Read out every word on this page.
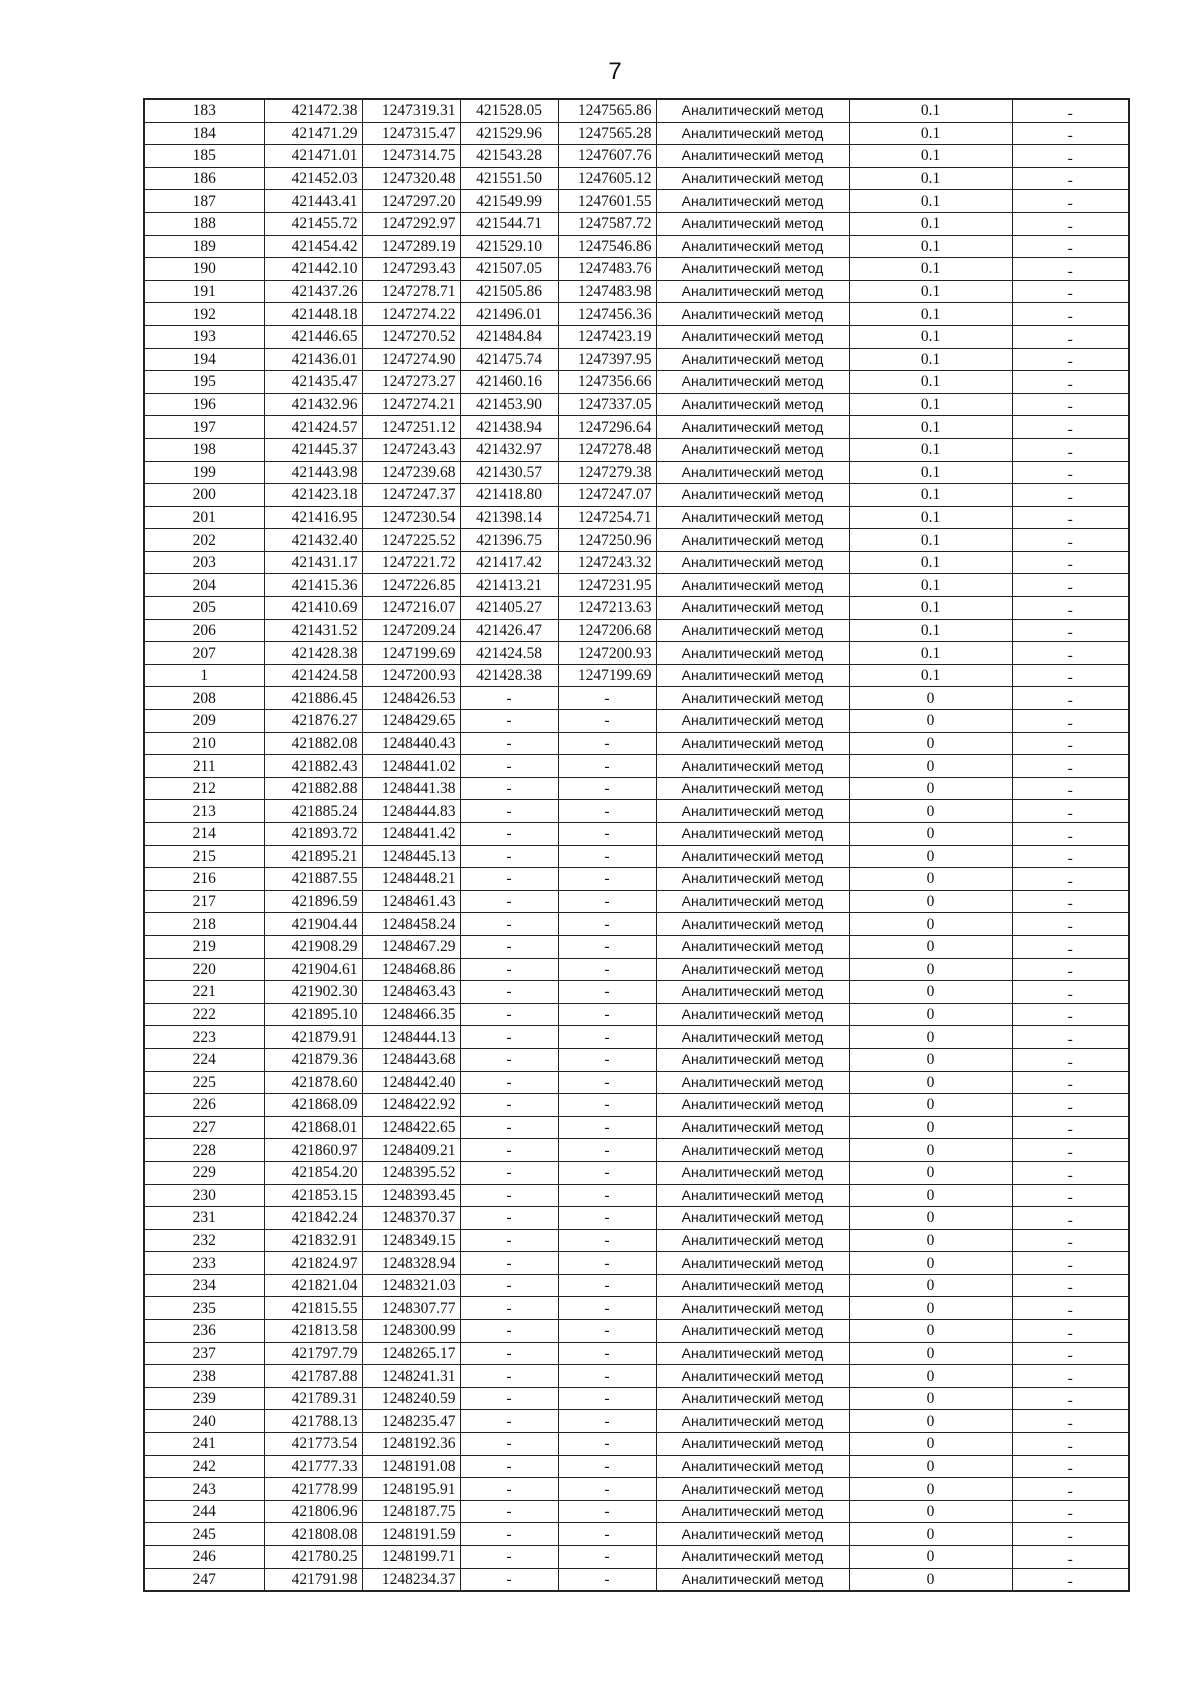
7
183	421472.38	1247319.31	421528.05	1247565.86	Аналитический метод	0.1	-
184	421471.29	1247315.47	421529.96	1247565.28	Аналитический метод	0.1	-
185	421471.01	1247314.75	421543.28	1247607.76	Аналитический метод	0.1	-
186	421452.03	1247320.48	421551.50	1247605.12	Аналитический метод	0.1	-
187	421443.41	1247297.20	421549.99	1247601.55	Аналитический метод	0.1	-
188	421455.72	1247292.97	421544.71	1247587.72	Аналитический метод	0.1	-
189	421454.42	1247289.19	421529.10	1247546.86	Аналитический метод	0.1	-
190	421442.10	1247293.43	421507.05	1247483.76	Аналитический метод	0.1	-
191	421437.26	1247278.71	421505.86	1247483.98	Аналитический метод	0.1	-
192	421448.18	1247274.22	421496.01	1247456.36	Аналитический метод	0.1	-
193	421446.65	1247270.52	421484.84	1247423.19	Аналитический метод	0.1	-
194	421436.01	1247274.90	421475.74	1247397.95	Аналитический метод	0.1	-
195	421435.47	1247273.27	421460.16	1247356.66	Аналитический метод	0.1	-
196	421432.96	1247274.21	421453.90	1247337.05	Аналитический метод	0.1	-
197	421424.57	1247251.12	421438.94	1247296.64	Аналитический метод	0.1	-
198	421445.37	1247243.43	421432.97	1247278.48	Аналитический метод	0.1	-
199	421443.98	1247239.68	421430.57	1247279.38	Аналитический метод	0.1	-
200	421423.18	1247247.37	421418.80	1247247.07	Аналитический метод	0.1	-
201	421416.95	1247230.54	421398.14	1247254.71	Аналитический метод	0.1	-
202	421432.40	1247225.52	421396.75	1247250.96	Аналитический метод	0.1	-
203	421431.17	1247221.72	421417.42	1247243.32	Аналитический метод	0.1	-
204	421415.36	1247226.85	421413.21	1247231.95	Аналитический метод	0.1	-
205	421410.69	1247216.07	421405.27	1247213.63	Аналитический метод	0.1	-
206	421431.52	1247209.24	421426.47	1247206.68	Аналитический метод	0.1	-
207	421428.38	1247199.69	421424.58	1247200.93	Аналитический метод	0.1	-
1	421424.58	1247200.93	421428.38	1247199.69	Аналитический метод	0.1	-
208	421886.45	1248426.53	-	-	Аналитический метод	0	-
209	421876.27	1248429.65	-	-	Аналитический метод	0	-
210	421882.08	1248440.43	-	-	Аналитический метод	0	-
211	421882.43	1248441.02	-	-	Аналитический метод	0	-
212	421882.88	1248441.38	-	-	Аналитический метод	0	-
213	421885.24	1248444.83	-	-	Аналитический метод	0	-
214	421893.72	1248441.42	-	-	Аналитический метод	0	-
215	421895.21	1248445.13	-	-	Аналитический метод	0	-
216	421887.55	1248448.21	-	-	Аналитический метод	0	-
217	421896.59	1248461.43	-	-	Аналитический метод	0	-
218	421904.44	1248458.24	-	-	Аналитический метод	0	-
219	421908.29	1248467.29	-	-	Аналитический метод	0	-
220	421904.61	1248468.86	-	-	Аналитический метод	0	-
221	421902.30	1248463.43	-	-	Аналитический метод	0	-
222	421895.10	1248466.35	-	-	Аналитический метод	0	-
223	421879.91	1248444.13	-	-	Аналитический метод	0	-
224	421879.36	1248443.68	-	-	Аналитический метод	0	-
225	421878.60	1248442.40	-	-	Аналитический метод	0	-
226	421868.09	1248422.92	-	-	Аналитический метод	0	-
227	421868.01	1248422.65	-	-	Аналитический метод	0	-
228	421860.97	1248409.21	-	-	Аналитический метод	0	-
229	421854.20	1248395.52	-	-	Аналитический метод	0	-
230	421853.15	1248393.45	-	-	Аналитический метод	0	-
231	421842.24	1248370.37	-	-	Аналитический метод	0	-
232	421832.91	1248349.15	-	-	Аналитический метод	0	-
233	421824.97	1248328.94	-	-	Аналитический метод	0	-
234	421821.04	1248321.03	-	-	Аналитический метод	0	-
235	421815.55	1248307.77	-	-	Аналитический метод	0	-
236	421813.58	1248300.99	-	-	Аналитический метод	0	-
237	421797.79	1248265.17	-	-	Аналитический метод	0	-
238	421787.88	1248241.31	-	-	Аналитический метод	0	-
239	421789.31	1248240.59	-	-	Аналитический метод	0	-
240	421788.13	1248235.47	-	-	Аналитический метод	0	-
241	421773.54	1248192.36	-	-	Аналитический метод	0	-
242	421777.33	1248191.08	-	-	Аналитический метод	0	-
243	421778.99	1248195.91	-	-	Аналитический метод	0	-
244	421806.96	1248187.75	-	-	Аналитический метод	0	-
245	421808.08	1248191.59	-	-	Аналитический метод	0	-
246	421780.25	1248199.71	-	-	Аналитический метод	0	-
247	421791.98	1248234.37	-	-	Аналитический метод	0	-
